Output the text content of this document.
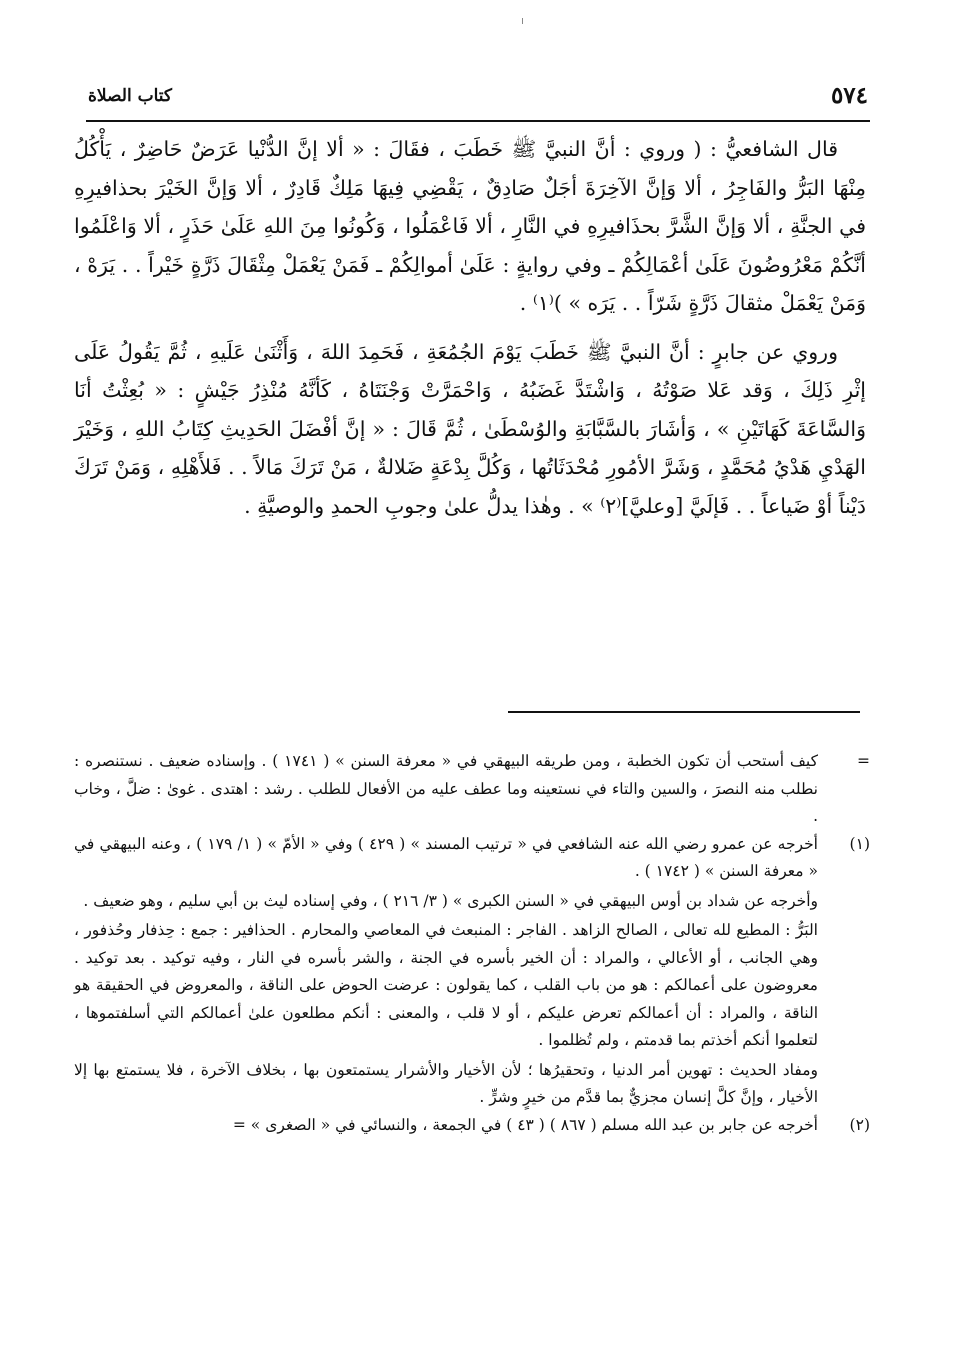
٥٧٤
كتاب الصلاة

قال الشافعيُّ : ( وروي : أنَّ النبيَّ ﷺ خَطَبَ ، فقَالَ : « ألا إنَّ الدُّنْيا عَرَضٌ حَاضِرٌ ، يَأْكُلُ مِنْهَا البَرُّ والفَاجِرُ ، ألا وَإنَّ الآخِرَةَ أجَلٌ صَادِقٌ ، يَقْضِي فِيهَا مَلِكٌ قَادِرٌ ، ألا وَإنَّ الخَيْرَ بحذافيرِهِ في الجنَّةِ ، ألا وَإنَّ الشَّرَّ بحذَافيرِهِ في النَّارِ ، ألا فَاعْمَلُوا ، وَكُونُوا مِنَ اللهِ عَلَىٰ حَذَرٍ ، ألا وَاعْلَمُوا أنَّكُمْ مَعْرُوضُونَ عَلَىٰ أعْمَالِكُمْ ـ وفي روايةٍ : عَلَىٰ أموالِكُمْ ـ فَمَنْ يَعْمَلْ مِثْقَالَ ذَرَّةٍ خَيْراً . . يَرَهْ ، وَمَنْ يَعْمَلْ مثقالَ ذَرَّةٍ شَرّاً . . يَرَه » )⁽١⁾ .

وروي عن جابرٍ : أنَّ النبيَّ ﷺ خَطَبَ يَوْمَ الجُمُعَةِ ، فَحَمِدَ اللهَ ، وَأَثْنَىٰ عَلَيهِ ، ثُمَّ يَقُولُ عَلَى إثْرِ ذَلِكَ ، وَقد عَلا صَوْتُهُ ، وَاشْتَدَّ غَضَبُهُ ، وَاحْمَرَّتْ وَجْنَتَاهُ ، كَأنَّهُ مُنْذِرُ جَيْشٍ : « بُعِثْتُ أنَا وَالسَّاعَةَ كَهَاتَيْنِ » ، وَأشَارَ بالسَّبَّابَةِ والوُسْطَىٰ ، ثُمَّ قَالَ : « إنَّ أفْضَلَ الحَدِيثِ كِتَابُ اللهِ ، وَخَيْرَ الهَدْيِ هَدْيُ مُحَمَّدٍ ، وَشَرَّ الأمُورِ مُحْدَثَاتُها ، وَكُلَّ بِدْعَةٍ ضَلالةٌ ، مَنْ تَرَكَ مَالاً . . فَلأَهْلِهِ ، وَمَنْ تَرَكَ دَيْناً أوْ ضَياعاً . . فَإلَيَّ [وعليَّ]⁽٢⁾ » . وهٰذا يدلُّ علىٰ وجوبِ الحمدِ والوصيَّةِ .

=

كيف أستحب أن تكون الخطبة ، ومن طريقه البيهقي في « معرفة السنن » ( ١٧٤١ ) . وإسناده ضعيف . نستنصره : نطلب منه النصرَ ، والسين والتاء في نستعينه وما عطف عليه من الأفعال للطلب . رشد : اهتدى . غوىٰ : ضلَّ ، وخاب .

(١)

أخرجه عن عمرو رضي الله عنه الشافعي في « ترتيب المسند » ( ٤٢٩ ) وفي « الأمّ » ( ١/ ١٧٩ ) ، وعنه البيهقي في « معرفة السنن » ( ١٧٤٢ ) .

وأخرجه عن شداد بن أوس البيهقي في « السنن الكبرى » ( ٣/ ٢١٦ ) ، وفي إسناده ليث بن أبي سليم ، وهو ضعيف .

البَرُّ : المطيع لله تعالى ، الصالح الزاهد . الفاجر : المنبعث في المعاصي والمحارم . الحذافير : جمع : حِذفار وحُذفور ، وهي الجانب ، أو الأعالي ، والمراد : أن الخير بأسره في الجنة ، والشر بأسره في النار ، وفيه توكيد . بعد توكيد . معروضون على أعمالكم : هو من باب القلب ، كما يقولون : عرضت الحوض على الناقة ، والمعروض في الحقيقة هو الناقة ، والمراد : أن أعمالكم تعرض عليكم ، أو لا قلب ، والمعنى : أنكم مطلعون علىٰ أعمالكم التي أسلفتموها ، لتعلموا أنكم أخذتم بما قدمتم ، ولم تُظلموا .

ومفاد الحديث : تهوين أمر الدنيا ، وتحقيرُها ؛ لأن الأخيار والأشرار يستمتعون بها ، بخلاف الآخرة ، فلا يستمتع بها إلا الأخيار ، وإنَّ كلَّ إنسان مجزيٌّ بما قدَّم من خيرٍ وشرٍّ .

(٢)

أخرجه عن جابر بن عبد الله مسلم ( ٨٦٧ ) ( ٤٣ ) في الجمعة ، والنسائي في « الصغرى » =
